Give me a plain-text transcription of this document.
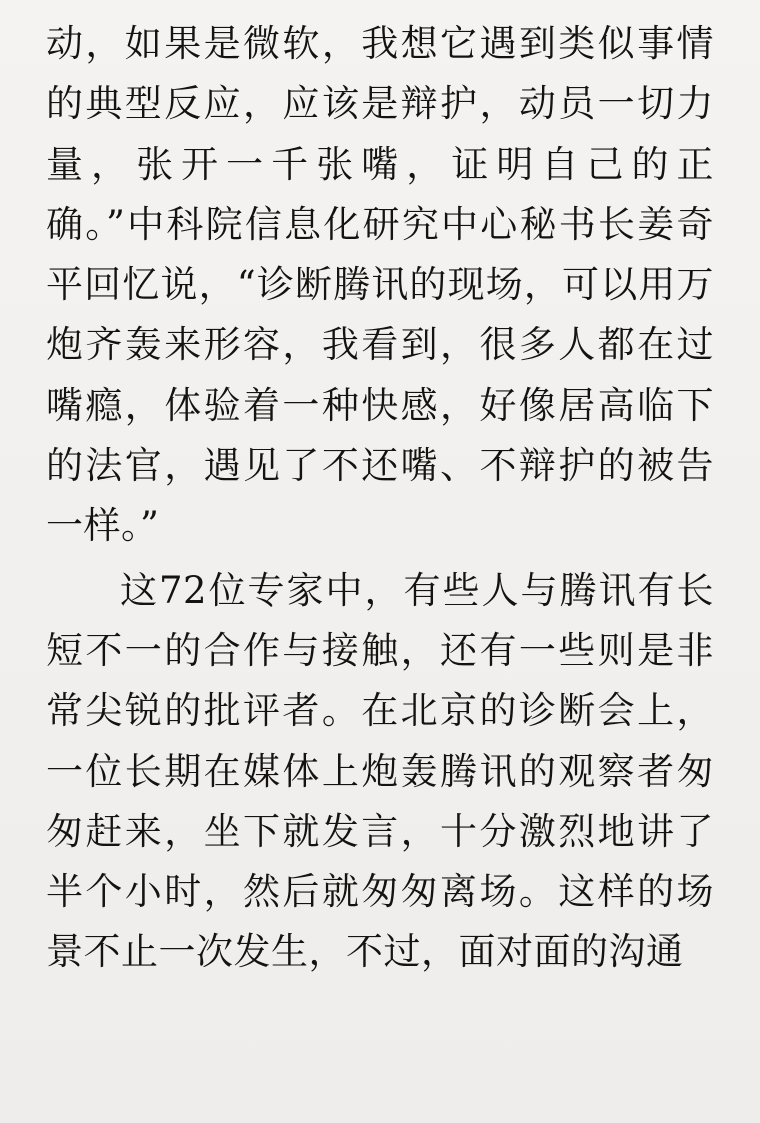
动，如果是微软，我想它遇到类似事情的典型反应，应该是辩护，动员一切力量，张开一千张嘴，证明自己的正确。”中科院信息化研究中心秘书长姜奇平回忆说，“诊断腾讯的现场，可以用万炮齐轰来形容，我看到，很多人都在过嘴瘾，体验着一种快感，好像居高临下的法官，遇见了不还嘴、不辩护的被告一样。”

这72位专家中，有些人与腾讯有长短不一的合作与接触，还有一些则是非常尖锐的批评者。在北京的诊断会上，一位长期在媒体上炮轰腾讯的观察者匆匆赶来，坐下就发言，十分激烈地讲了半个小时，然后就匆匆离场。这样的场景不止一次发生，不过，面对面的沟通
